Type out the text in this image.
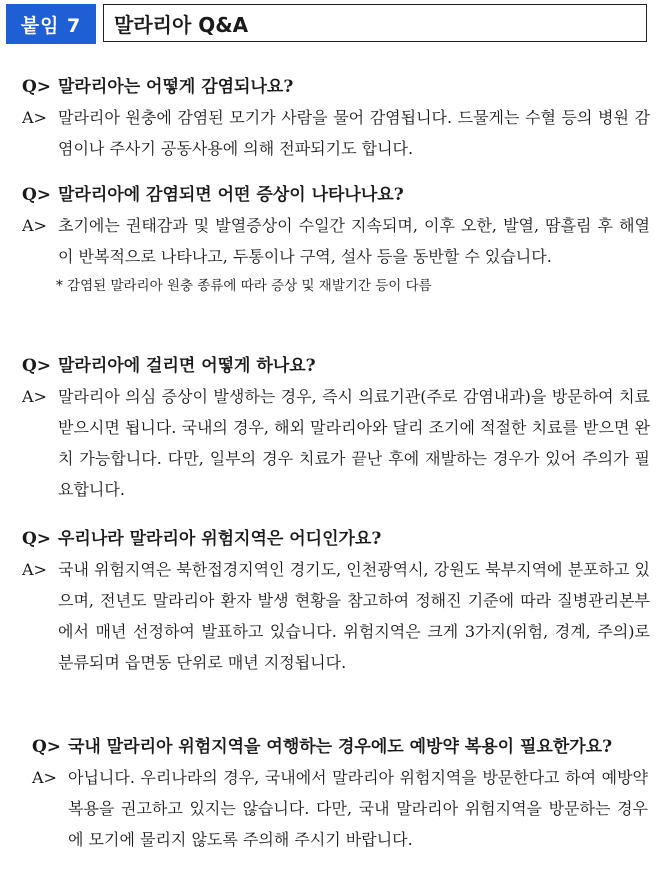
붙임 7	말라리아 Q&A
Q> 말라리아는 어떻게 감염되나요?
A> 말라리아 원충에 감염된 모기가 사람을 물어 감염됩니다. 드물게는 수혈 등의 병원 감염이나 주사기 공동사용에 의해 전파되기도 합니다.
Q> 말라리아에 감염되면 어떤 증상이 나타나나요?
A> 초기에는 권태감과 및 발열증상이 수일간 지속되며, 이후 오한, 발열, 땀흘림 후 해열이 반복적으로 나타나고, 두통이나 구역, 설사 등을 동반할 수 있습니다.
* 감염된 말라리아 원충 종류에 따라 증상 및 재발기간 등이 다름
Q> 말라리아에 걸리면 어떻게 하나요?
A> 말라리아 의심 증상이 발생하는 경우, 즉시 의료기관(주로 감염내과)을 방문하여 치료 받으시면 됩니다. 국내의 경우, 해외 말라리아와 달리 조기에 적절한 치료를 받으면 완치 가능합니다. 다만, 일부의 경우 치료가 끝난 후에 재발하는 경우가 있어 주의가 필요합니다.
Q> 우리나라 말라리아 위험지역은 어디인가요?
A> 국내 위험지역은 북한접경지역인 경기도, 인천광역시, 강원도 북부지역에 분포하고 있으며, 전년도 말라리아 환자 발생 현황을 참고하여 정해진 기준에 따라 질병관리본부에서 매년 선정하여 발표하고 있습니다. 위험지역은 크게 3가지(위험, 경계, 주의)로 분류되며 읍면동 단위로 매년 지정됩니다.
Q> 국내 말라리아 위험지역을 여행하는 경우에도 예방약 복용이 필요한가요?
A> 아닙니다. 우리나라의 경우, 국내에서 말라리아 위험지역을 방문한다고 하여 예방약 복용을 권고하고 있지는 않습니다. 다만, 국내 말라리아 위험지역을 방문하는 경우에 모기에 물리지 않도록 주의해 주시기 바랍니다.
